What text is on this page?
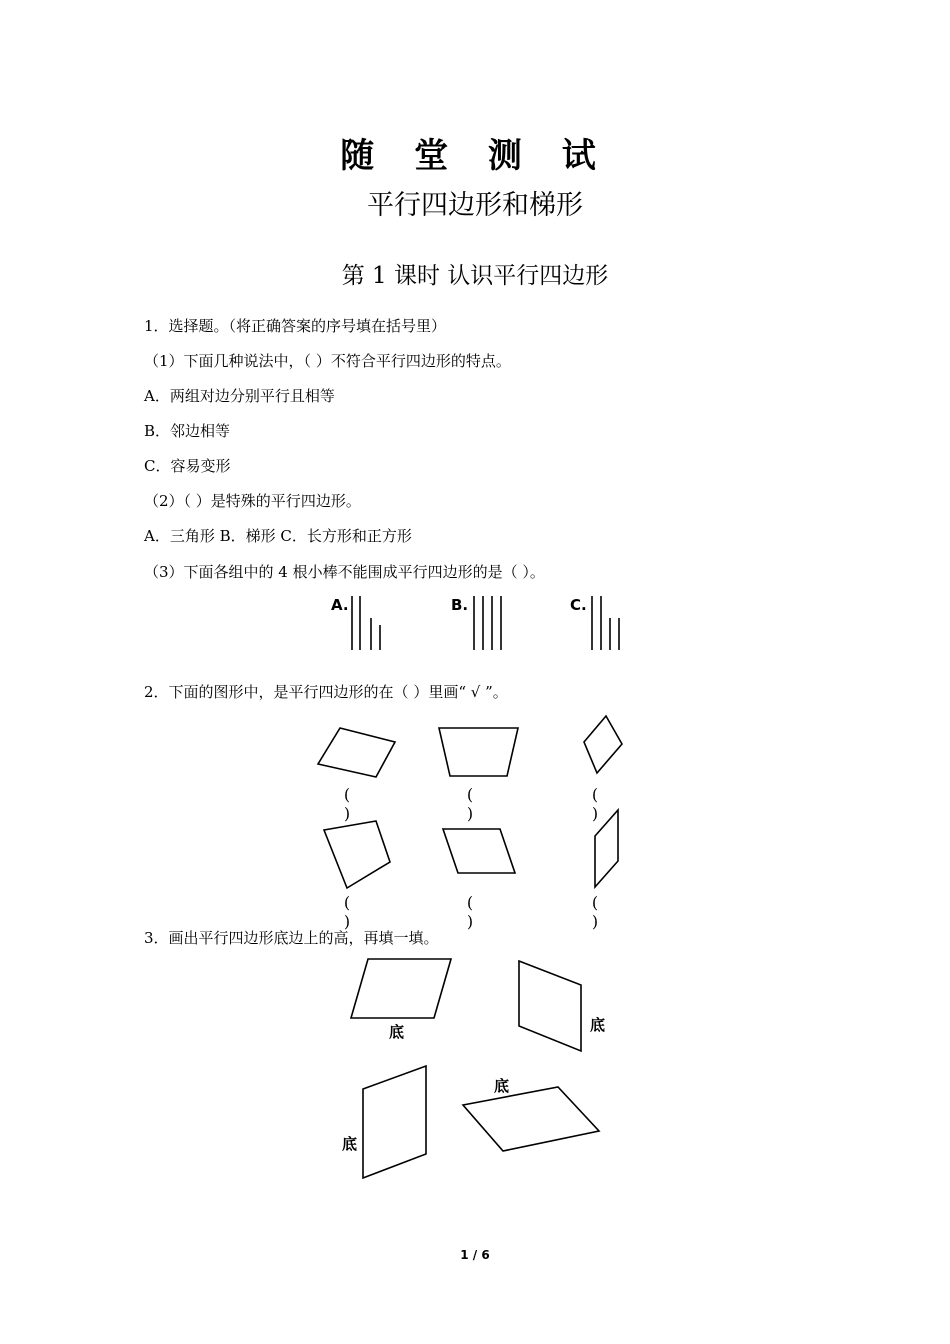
随 堂 测 试
平行四边形和梯形
第 1 课时 认识平行四边形
1．选择题。（将正确答案的序号填在括号里）
（1）下面几种说法中，（ ）不符合平行四边形的特点。
A．两组对边分别平行且相等
B．邻边相等
C．容易变形
（2）（ ）是特殊的平行四边形。
A．三角形 B．梯形 C．长方形和正方形
（3）下面各组中的 4 根小棒不能围成平行四边形的是（ ）。
A.	B.	C.
2．下面的图形中，是平行四边形的在（ ）里画“ √ ”。
( )
( )
( )
( )
( )
( )
3．画出平行四边形底边上的高，再填一填。
底	底
底
底
1 / 6
